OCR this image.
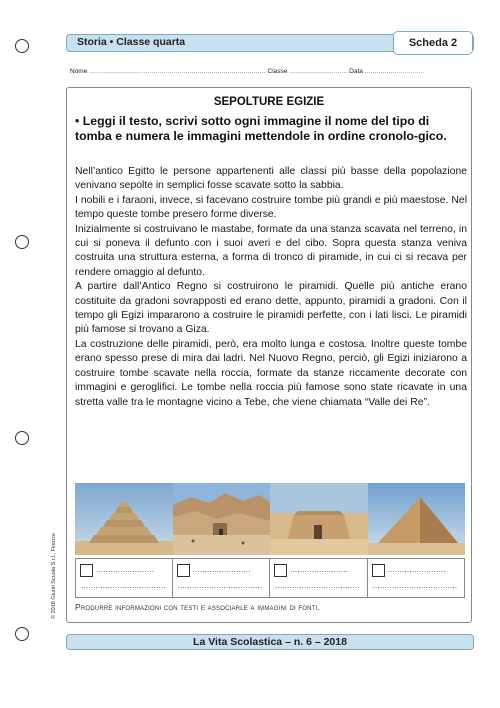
Storia • Classe quarta	Scheda 2
Nome ........................................................................................ Classe ............................. Data ..............................
SEPOLTURE EGIZIE
• Leggi il testo, scrivi sotto ogni immagine il nome del tipo di tomba e numera le immagini mettendole in ordine cronolo-gico.

Nell’antico Egitto le persone appartenenti alle classi più basse della popolazione venivano sepolte in semplici fosse scavate sotto la sabbia.

I nobili e i faraoni, invece, si facevano costruire tombe più grandi e più maestose. Nel tempo queste tombe presero forme diverse.

Inizialmente si costruivano le mastabe, formate da una stanza scavata nel terreno, in cui si poneva il defunto con i suoi averi e del cibo. Sopra questa stanza veniva costruita una struttura esterna, a forma di tronco di piramide, in cui ci si recava per rendere omaggio al defunto.

A partire dall’Antico Regno si costruirono le piramidi. Quelle più antiche erano costituite da gradoni sovrapposti ed erano dette, appunto, piramidi a gradoni. Con il tempo gli Egizi impararono a costruire le piramidi perfette, con i lati lisci. Le piramidi più famose si trovano a Giza.

La costruzione delle piramidi, però, era molto lunga e costosa. Inoltre queste tombe erano spesso prese di mira dai ladri. Nel Nuovo Regno, perciò, gli Egizi iniziarono a costruire tombe scavate nella roccia, formate da stanze riccamente decorate con immagini e geroglifici. Le tombe nella roccia più famose sono state ricavate in una stretta valle tra le montagne vicino a Tebe, che viene chiamata “Valle dei Re”.

........................
...................................
........................
...................................
........................
...................................
........................
...................................
Produrre informazioni con testi e associarle a immagini di fonti.
© 2018 Giunti Scuola S.r.l., Firenze
La Vita Scolastica – n. 6 – 2018
